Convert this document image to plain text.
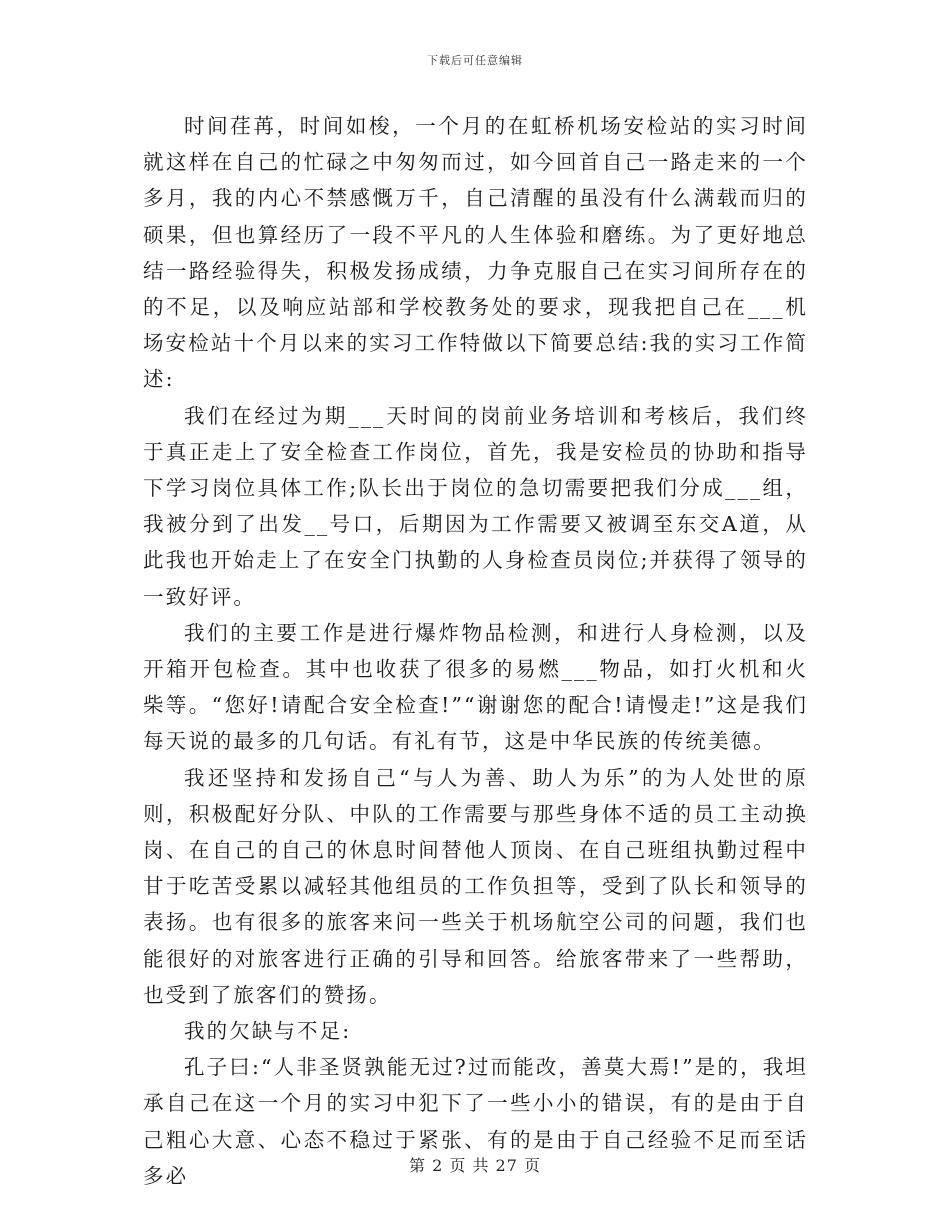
下载后可任意编辑

时间荏苒，时间如梭，一个月的在虹桥机场安检站的实习时间就这样在自己的忙碌之中匆匆而过，如今回首自己一路走来的一个多月，我的内心不禁感慨万千，自己清醒的虽没有什么满载而归的硕果，但也算经历了一段不平凡的人生体验和磨练。为了更好地总结一路经验得失，积极发扬成绩，力争克服自己在实习间所存在的的不足，以及响应站部和学校教务处的要求，现我把自己在___机场安检站十个月以来的实习工作特做以下简要总结:我的实习工作简述:

我们在经过为期___天时间的岗前业务培训和考核后，我们终于真正走上了安全检查工作岗位，首先，我是安检员的协助和指导下学习岗位具体工作;队长出于岗位的急切需要把我们分成___组，我被分到了出发__号口，后期因为工作需要又被调至东交A道，从此我也开始走上了在安全门执勤的人身检查员岗位;并获得了领导的一致好评。

我们的主要工作是进行爆炸物品检测，和进行人身检测，以及开箱开包检查。其中也收获了很多的易燃___物品，如打火机和火柴等。“您好!请配合安全检查!”“谢谢您的配合!请慢走!”这是我们每天说的最多的几句话。有礼有节，这是中华民族的传统美德。

我还坚持和发扬自己“与人为善、助人为乐”的为人处世的原则，积极配好分队、中队的工作需要与那些身体不适的员工主动换岗、在自己的自己的休息时间替他人顶岗、在自己班组执勤过程中甘于吃苦受累以减轻其他组员的工作负担等，受到了队长和领导的表扬。也有很多的旅客来问一些关于机场航空公司的问题，我们也能很好的对旅客进行正确的引导和回答。给旅客带来了一些帮助，也受到了旅客们的赞扬。

我的欠缺与不足:

孔子曰:“人非圣贤孰能无过?过而能改，善莫大焉!”是的，我坦承自己在这一个月的实习中犯下了一些小小的错误，有的是由于自己粗心大意、心态不稳过于紧张、有的是由于自己经验不足而至话多必	第 2 页 共 27 页
